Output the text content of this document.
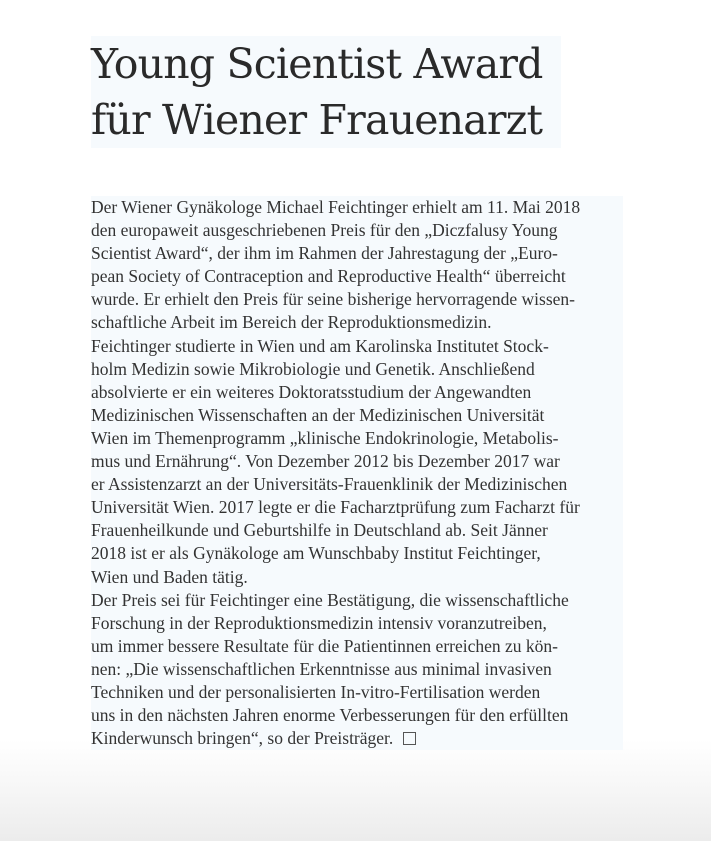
Young Scientist Award
für Wiener Frauenarzt

Der Wiener Gynäkologe Michael Feichtinger erhielt am 11. Mai 2018
den europaweit ausgeschriebenen Preis für den „Diczfalusy Young
Scientist Award“, der ihm im Rahmen der Jahrestagung der „Euro-
pean Society of Contraception and Reproductive Health“ überreicht
wurde. Er erhielt den Preis für seine bisherige hervorragende wissen-
schaftliche Arbeit im Bereich der Reproduktionsmedizin.

Feichtinger studierte in Wien und am Karolinska Institutet Stock-
holm Medizin sowie Mikrobiologie und Genetik. Anschließend
absolvierte er ein weiteres Doktoratsstudium der Angewandten
Medizinischen Wissenschaften an der Medizinischen Universität
Wien im Themenprogramm „klinische Endokrinologie, Metabolis-
mus und Ernährung“. Von Dezember 2012 bis Dezember 2017 war
er Assistenzarzt an der Universitäts-Frauenklinik der Medizinischen
Universität Wien. 2017 legte er die Facharztprüfung zum Facharzt für
Frauenheilkunde und Geburtshilfe in Deutschland ab. Seit Jänner
2018 ist er als Gynäkologe am Wunschbaby Institut Feichtinger,
Wien und Baden tätig.

Der Preis sei für Feichtinger eine Bestätigung, die wissenschaftliche
Forschung in der Reproduktionsmedizin intensiv voranzutreiben,
um immer bessere Resultate für die Patientinnen erreichen zu kön-
nen: „Die wissenschaftlichen Erkenntnisse aus minimal invasiven
Techniken und der personalisierten In-vitro-Fertilisation werden
uns in den nächsten Jahren enorme Verbesserungen für den erfüllten
Kinderwunsch bringen“, so der Preisträger.
